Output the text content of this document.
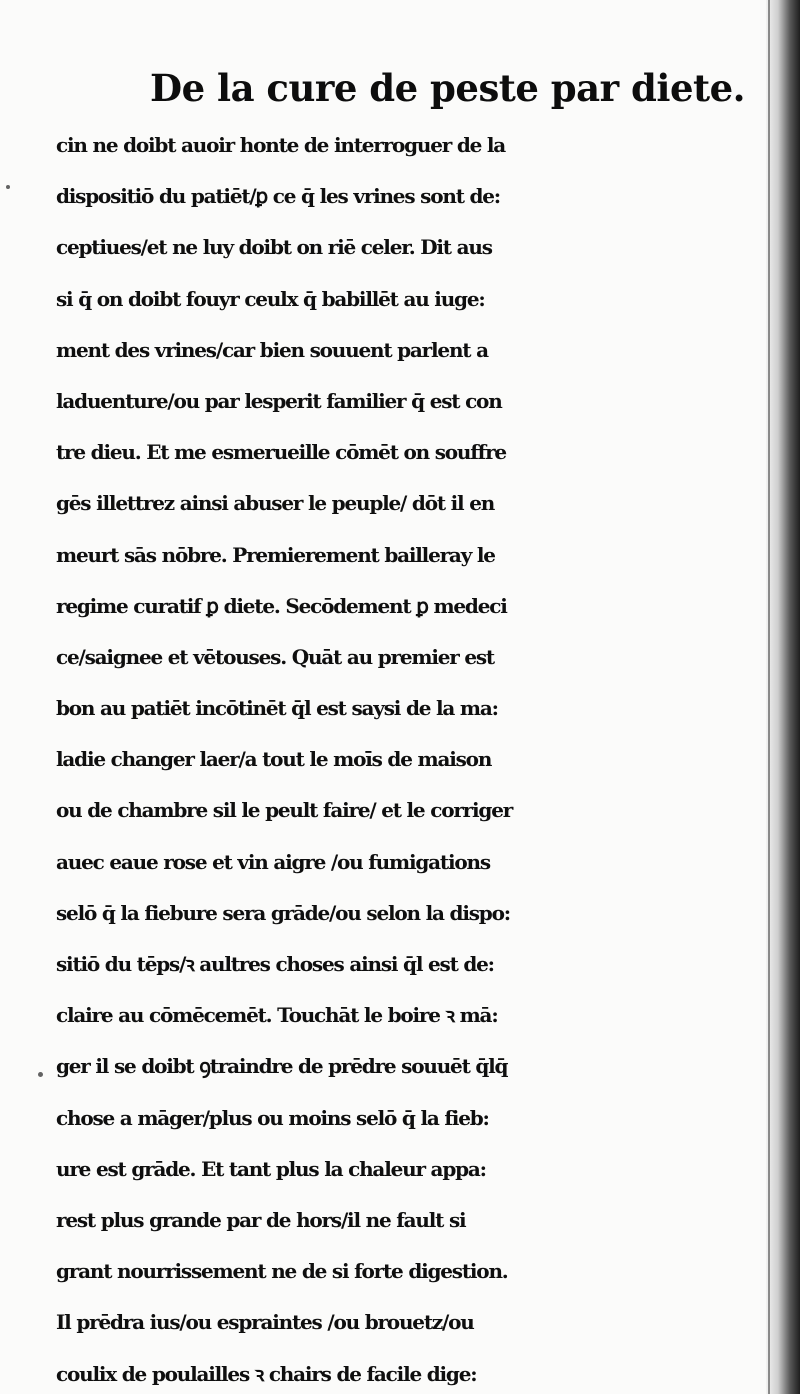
De la cure de peste par diete.
cin ne doibt auoir honte de interroguer de la
dispositiō du patiēt/ꝑ ce q̄ les vrines sont de:
ceptiues/et ne luy doibt on riē celer. Dit aus
si q̄ on doibt fouyr ceulx q̄ babillēt au iuge:
ment des vrines/car bien souuent parlent a
laduenture/ou par lesperit familier q̄ est con
tre dieu. Et me esmerueille cōmēt on souffre
gēs illettrez ainsi abuser le peuple/ dōt il en
meurt sās nōbre. Premierement bailleray le
regime curatif ꝑ diete. Secōdement ꝑ medeci
ce/saignee et vētouses. Quāt au premier est
bon au patiēt incōtinēt q̄l est saysi de la ma:
ladie changer laer/a tout le moīs de maison
ou de chambre sil le peult faire/ et le corriger
auec eaue rose et vin aigre /ou fumigations
selō q̄ la fiebure sera grāde/ou selon la dispo:
sitiō du tēps/ꝛ aultres choses ainsi q̄l est de:
claire au cōmēcemēt. Touchāt le boire ꝛ mā:
ger il se doibt ꝯtraindre de prēdre souuēt q̄lq̄
chose a māger/plus ou moins selō q̄ la fieb:
ure est grāde. Et tant plus la chaleur appa:
rest plus grande par de hors/il ne fault si
grant nourrissement ne de si forte digestion.
Il prēdra ius/ou espraintes /ou brouetz/ou
coulix de poulailles ꝛ chairs de facile dige:
